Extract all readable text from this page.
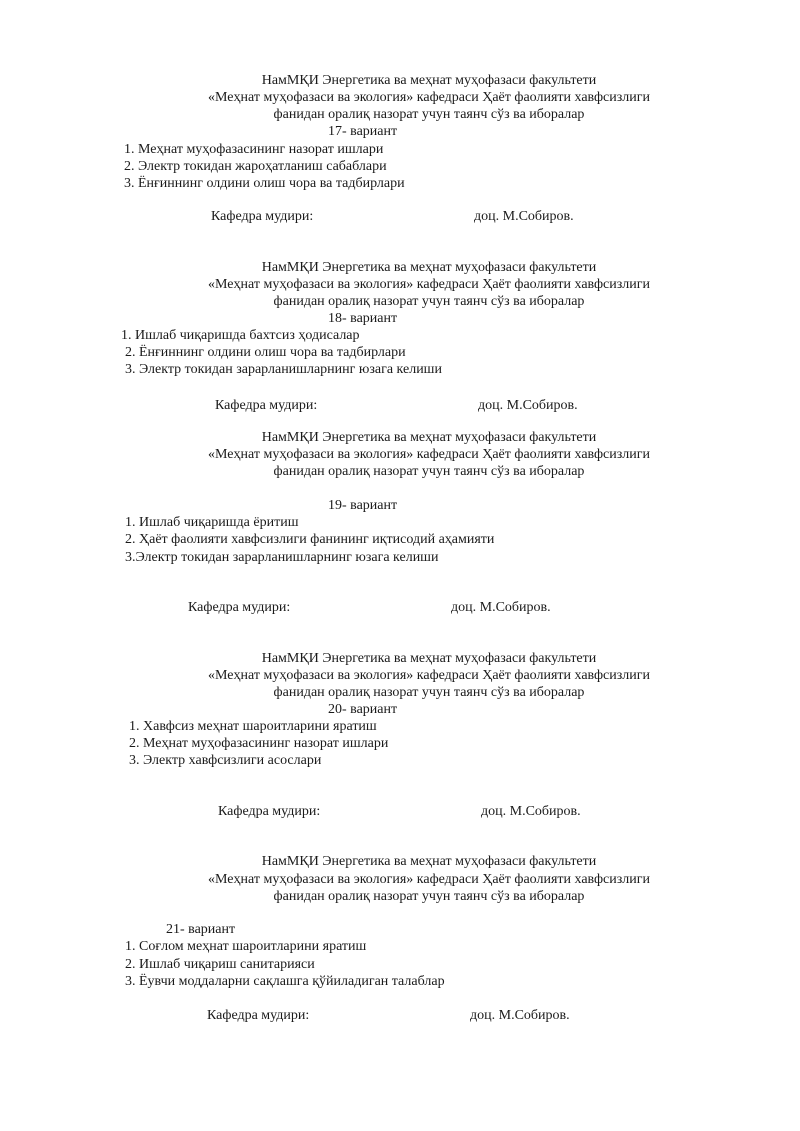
НамМҚИ Энергетика ва меҳнат муҳофазаси факультети
«Меҳнат муҳофазаси ва экология» кафедраси Ҳаёт фаолияти хавфсизлиги
фанидан оралиқ назорат учун таянч сўз ва иборалар
17- вариант
1. Меҳнат муҳофазасининг назорат ишлари
2. Электр токидан жароҳатланиш сабаблари
3. Ёнғиннинг олдини олиш чора ва тадбирлари
Кафедра мудири:	доц. М.Собиров.
НамМҚИ Энергетика ва меҳнат муҳофазаси факультети
«Меҳнат муҳофазаси ва экология» кафедраси Ҳаёт фаолияти хавфсизлиги
фанидан оралиқ назорат учун таянч сўз ва иборалар
18- вариант
1. Ишлаб чиқаришда бахтсиз ҳодисалар
2. Ёнғиннинг олдини олиш чора ва тадбирлари
3. Электр токидан зарарланишларнинг юзага келиши
Кафедра мудири:	доц. М.Собиров.
НамМҚИ Энергетика ва меҳнат муҳофазаси факультети
«Меҳнат муҳофазаси ва экология» кафедраси Ҳаёт фаолияти хавфсизлиги
фанидан оралиқ назорат учун таянч сўз ва иборалар
19- вариант
1. Ишлаб чиқаришда ёритиш
2. Ҳаёт фаолияти хавфсизлиги фанининг иқтисодий аҳамияти
3.Электр токидан зарарланишларнинг юзага келиши
Кафедра мудири:	доц. М.Собиров.
НамМҚИ Энергетика ва меҳнат муҳофазаси факультети
«Меҳнат муҳофазаси ва экология» кафедраси Ҳаёт фаолияти хавфсизлиги
фанидан оралиқ назорат учун таянч сўз ва иборалар
20- вариант
1. Хавфсиз меҳнат шароитларини яратиш
2. Меҳнат муҳофазасининг назорат ишлари
3. Электр хавфсизлиги асослари
Кафедра мудири:	доц. М.Собиров.
НамМҚИ Энергетика ва меҳнат муҳофазаси факультети
«Меҳнат муҳофазаси ва экология» кафедраси Ҳаёт фаолияти хавфсизлиги
фанидан оралиқ назорат учун таянч сўз ва иборалар
21- вариант
1. Соғлом меҳнат шароитларини яратиш
2. Ишлаб чиқариш санитарияси
3. Ёувчи моддаларни сақлашга қўйиладиган талаблар
Кафедра мудири:	доц. М.Собиров.
